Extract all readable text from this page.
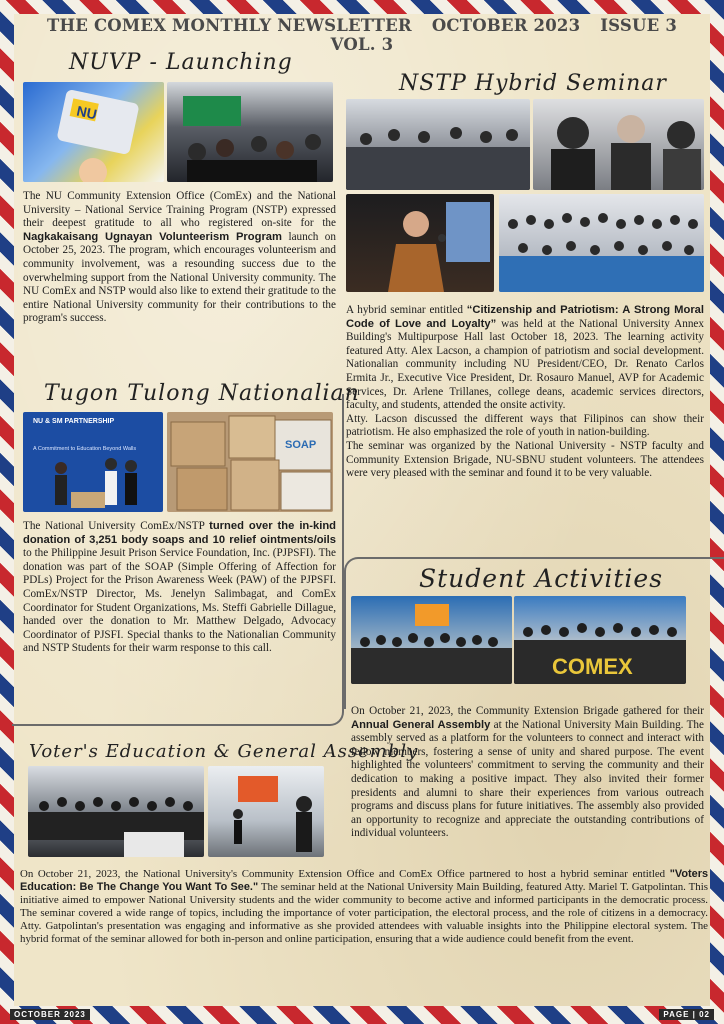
THE COMEX MONTHLY NEWSLETTER OCTOBER 2023 ISSUE 3 VOL. 3
NUVP - Launching
NU

The NU Community Extension Office (ComEx) and the National University – National Service Training Program (NSTP) expressed their deepest gratitude to all who registered on-site for the Nagkakaisang Ugnayan Volunteerism Program launch on October 25, 2023. The program, which encourages volunteerism and community involvement, was a resounding success due to the overwhelming support from the National University community. The NU ComEx and NSTP would also like to extend their gratitude to the entire National University community for their contributions to the program's success.

Tugon Tulong Nationalian
NU & SM PARTNERSHIP
A Commitment to Education Beyond Walls	SOAP

The National University ComEx/NSTP turned over the in-kind donation of 3,251 body soaps and 10 relief ointments/oils to the Philippine Jesuit Prison Service Foundation, Inc. (PJPSFI). The donation was part of the SOAP (Simple Offering of Affection for PDLs) Project for the Prison Awareness Week (PAW) of the PJPSFI. ComEx/NSTP Director, Ms. Jenelyn Salimbagat, and ComEx Coordinator for Student Organizations, Ms. Steffi Gabrielle Dillague, handed over the donation to Mr. Matthew Delgado, Advocacy Coordinator of PJSFI. Special thanks to the Nationalian Community and NSTP Students for their warm response to this call.

NSTP Hybrid Seminar

A hybrid seminar entitled “Citizenship and Patriotism: A Strong Moral Code of Love and Loyalty” was held at the National University Annex Building's Multipurpose Hall last October 18, 2023. The learning activity featured Atty. Alex Lacson, a champion of patriotism and social development. Nationalian community including NU President/CEO, Dr. Renato Carlos Ermita Jr., Executive Vice President, Dr. Rosauro Manuel, AVP for Academic Services, Dr. Arlene Trillanes, college deans, academic services directors, faculty, and students, attended the onsite activity.

Atty. Lacson discussed the different ways that Filipinos can show their patriotism. He also emphasized the role of youth in nation-building.

The seminar was organized by the National University - NSTP faculty and Community Extension Brigade, NU-SBNU student volunteers. The attendees were very pleased with the seminar and found it to be very valuable.

Student Activities
COMEX

On October 21, 2023, the Community Extension Brigade gathered for their Annual General Assembly at the National University Main Building. The assembly served as a platform for the volunteers to connect and interact with fellow members, fostering a sense of unity and shared purpose. The event highlighted the volunteers' commitment to serving the community and their dedication to making a positive impact. They also invited their former presidents and alumni to share their experiences from various outreach programs and discuss plans for future initiatives. The assembly also provided an opportunity to recognize and appreciate the outstanding contributions of individual volunteers.

Voter's Education & General Assembly

On October 21, 2023, the National University's Community Extension Office and ComEx Office partnered to host a hybrid seminar entitled "Voters Education: Be The Change You Want To See." The seminar held at the National University Main Building, featured Atty. Mariel T. Gatpolintan. This initiative aimed to empower National University students and the wider community to become active and informed participants in the democratic process. The seminar covered a wide range of topics, including the importance of voter participation, the electoral process, and the role of citizens in a democracy. Atty. Gatpolintan's presentation was engaging and informative as she provided attendees with valuable insights into the Philippine electoral system. The hybrid format of the seminar allowed for both in-person and online participation, ensuring that a wide audience could benefit from the event.

OCTOBER 2023	PAGE | 02
